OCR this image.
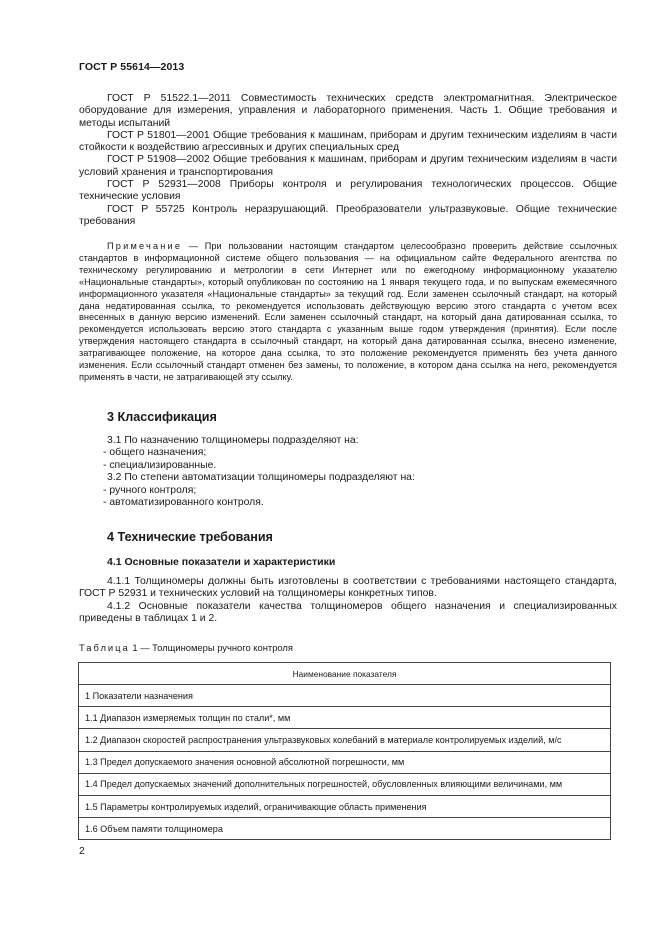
ГОСТ Р 55614—2013

ГОСТ Р 51522.1—2011 Совместимость технических средств электромагнитная. Электрическое оборудование для измерения, управления и лабораторного применения. Часть 1. Общие требования и методы испытаний

ГОСТ Р 51801—2001 Общие требования к машинам, приборам и другим техническим изделиям в части стойкости к воздействию агрессивных и других специальных сред

ГОСТ Р 51908—2002 Общие требования к машинам, приборам и другим техническим изделиям в части условий хранения и транспортирования

ГОСТ Р 52931—2008 Приборы контроля и регулирования технологических процессов. Общие технические условия

ГОСТ Р 55725 Контроль неразрушающий. Преобразователи ультразвуковые. Общие технические требования

Примечание — При пользовании настоящим стандартом целесообразно проверить действие ссылочных стандартов в информационной системе общего пользования — на официальном сайте Федерального агентства по техническому регулированию и метрологии в сети Интернет или по ежегодному информационному указателю «Национальные стандарты», который опубликован по состоянию на 1 января текущего года, и по выпускам ежемесячного информационного указателя «Национальные стандарты» за текущий год. Если заменен ссылочный стандарт, на который дана недатированная ссылка, то рекомендуется использовать действующую версию этого стандарта с учетом всех внесенных в данную версию изменений. Если заменен ссылочный стандарт, на который дана датированная ссылка, то рекомендуется использовать версию этого стандарта с указанным выше годом утверждения (принятия). Если после утверждения настоящего стандарта в ссылочный стандарт, на который дана датированная ссылка, внесено изменение, затрагивающее положение, на которое дана ссылка, то это положение рекомендуется применять без учета данного изменения. Если ссылочный стандарт отменен без замены, то положение, в котором дана ссылка на него, рекомендуется применять в части, не затрагивающей эту ссылку.

3 Классификация

3.1 По назначению толщиномеры подразделяют на:

- общего назначения;

- специализированные.

3.2 По степени автоматизации толщиномеры подразделяют на:

- ручного контроля;

- автоматизированного контроля.

4 Технические требования
4.1 Основные показатели и характеристики

4.1.1 Толщиномеры должны быть изготовлены в соответствии с требованиями настоящего стандарта, ГОСТ Р 52931 и технических условий на толщиномеры конкретных типов.

4.1.2 Основные показатели качества толщиномеров общего назначения и специализированных приведены в таблицах 1 и 2.

Таблица 1 — Толщиномеры ручного контроля
Наименование показателя
1 Показатели назначения
1.1 Диапазон измеряемых толщин по стали*, мм
1.2 Диапазон скоростей распространения ультразвуковых колебаний в материале контролируемых изделий, м/с
1.3 Предел допускаемого значения основной абсолютной погрешности, мм
1.4 Предел допускаемых значений дополнительных погрешностей, обусловленных влияющими величинами, мм
1.5 Параметры контролируемых изделий, ограничивающие область применения
1.6 Объем памяти толщиномера
2
